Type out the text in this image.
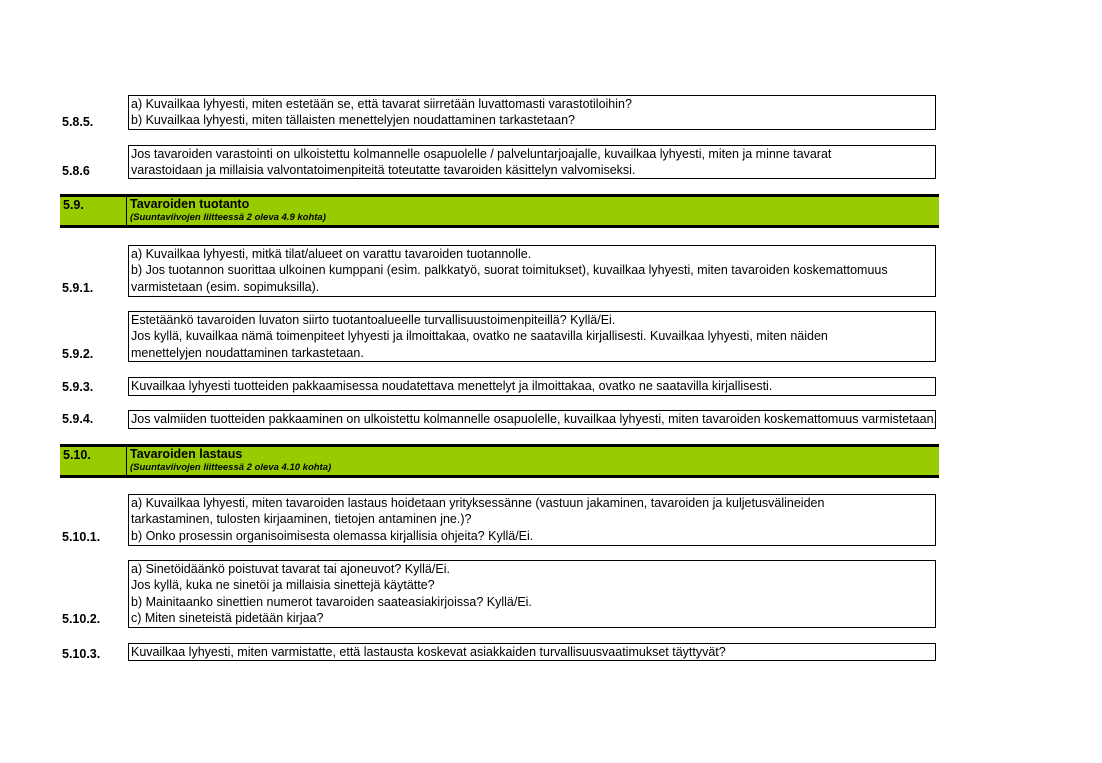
5.8.5.
a) Kuvailkaa lyhyesti, miten estetään se, että tavarat siirretään luvattomasti varastotiloihin?
b) Kuvailkaa lyhyesti, miten tällaisten menettelyjen noudattaminen tarkastetaan?
5.8.6
Jos tavaroiden varastointi on ulkoistettu kolmannelle osapuolelle / palveluntarjoajalle, kuvailkaa lyhyesti, miten ja minne tavarat
varastoidaan ja millaisia valvontatoimenpiteitä toteutatte tavaroiden käsittelyn valvomiseksi.
5.9.	Tavaroiden tuotanto
(Suuntaviivojen liitteessä 2 oleva 4.9 kohta)
5.9.1.
a) Kuvailkaa lyhyesti, mitkä tilat/alueet on varattu tavaroiden tuotannolle.
b) Jos tuotannon suorittaa ulkoinen kumppani (esim. palkkatyö, suorat toimitukset), kuvailkaa lyhyesti, miten tavaroiden koskemattomuus
varmistetaan (esim. sopimuksilla).
5.9.2.
Estetäänkö tavaroiden luvaton siirto tuotantoalueelle turvallisuustoimenpiteillä? Kyllä/Ei.
Jos kyllä, kuvailkaa nämä toimenpiteet lyhyesti ja ilmoittakaa, ovatko ne saatavilla kirjallisesti. Kuvailkaa lyhyesti, miten näiden
menettelyjen noudattaminen tarkastetaan.
5.9.3.	Kuvailkaa lyhyesti tuotteiden pakkaamisessa noudatettava menettelyt ja ilmoittakaa, ovatko ne saatavilla kirjallisesti.
5.9.4.	Jos valmiiden tuotteiden pakkaaminen on ulkoistettu kolmannelle osapuolelle, kuvailkaa lyhyesti, miten tavaroiden koskemattomuus varmistetaan.
5.10.	Tavaroiden lastaus
(Suuntaviivojen liitteessä 2 oleva 4.10 kohta)
5.10.1.
a) Kuvailkaa lyhyesti, miten tavaroiden lastaus hoidetaan yrityksessänne (vastuun jakaminen, tavaroiden ja kuljetusvälineiden
tarkastaminen, tulosten kirjaaminen, tietojen antaminen jne.)?
b) Onko prosessin organisoimisesta olemassa kirjallisia ohjeita? Kyllä/Ei.
5.10.2.
a) Sinetöidäänkö poistuvat tavarat tai ajoneuvot? Kyllä/Ei.
Jos kyllä, kuka ne sinetöi ja millaisia sinettejä käytätte?
b) Mainitaanko sinettien numerot tavaroiden saateasiakirjoissa? Kyllä/Ei.
c) Miten sineteistä pidetään kirjaa?
5.10.3. Kuvailkaa lyhyesti, miten varmistatte, että lastausta koskevat asiakkaiden turvallisuusvaatimukset täyttyvät?
